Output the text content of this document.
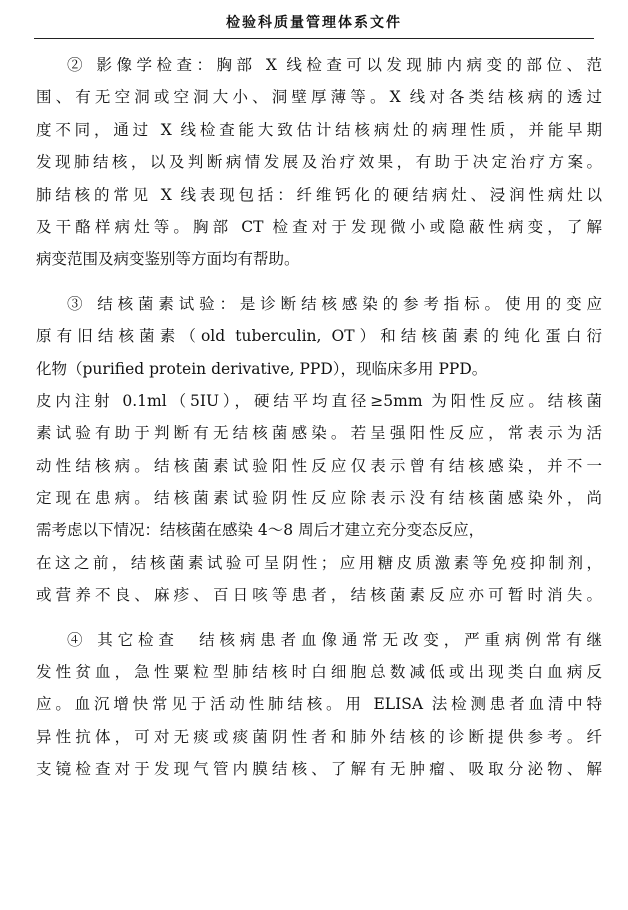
检验科质量管理体系文件
② 影像学检查：胸部 X 线检查可以发现肺内病变的部位、范
围、有无空洞或空洞大小、洞壁厚薄等。X 线对各类结核病的透过
度不同，通过 X 线检查能大致估计结核病灶的病理性质，并能早期
发现肺结核，以及判断病情发展及治疗效果，有助于决定治疗方案。
肺结核的常见 X 线表现包括：纤维钙化的硬结病灶、浸润性病灶以
及干酪样病灶等。胸部 CT 检查对于发现微小或隐蔽性病变，了解
病变范围及病变鉴别等方面均有帮助。
③ 结核菌素试验：是诊断结核感染的参考指标。使用的变应
原有旧结核菌素（old tuberculin, OT）和结核菌素的纯化蛋白衍
化物（purified protein derivative, PPD），现临床多用 PPD。
皮内注射 0.1ml（5IU），硬结平均直径≥5mm 为阳性反应。结核菌
素试验有助于判断有无结核菌感染。若呈强阳性反应，常表示为活
动性结核病。结核菌素试验阳性反应仅表示曾有结核感染，并不一
定现在患病。结核菌素试验阴性反应除表示没有结核菌感染外，尚
需考虑以下情况：结核菌在感染 4～8 周后才建立充分变态反应，
在这之前，结核菌素试验可呈阴性；应用糖皮质激素等免疫抑制剂，
或营养不良、麻疹、百日咳等患者，结核菌素反应亦可暂时消失。
④ 其它检查　结核病患者血像通常无改变，严重病例常有继
发性贫血，急性粟粒型肺结核时白细胞总数减低或出现类白血病反
应。血沉增快常见于活动性肺结核。用 ELISA 法检测患者血清中特
异性抗体，可对无痰或痰菌阴性者和肺外结核的诊断提供参考。纤
支镜检查对于发现气管内膜结核、了解有无肿瘤、吸取分泌物、解
